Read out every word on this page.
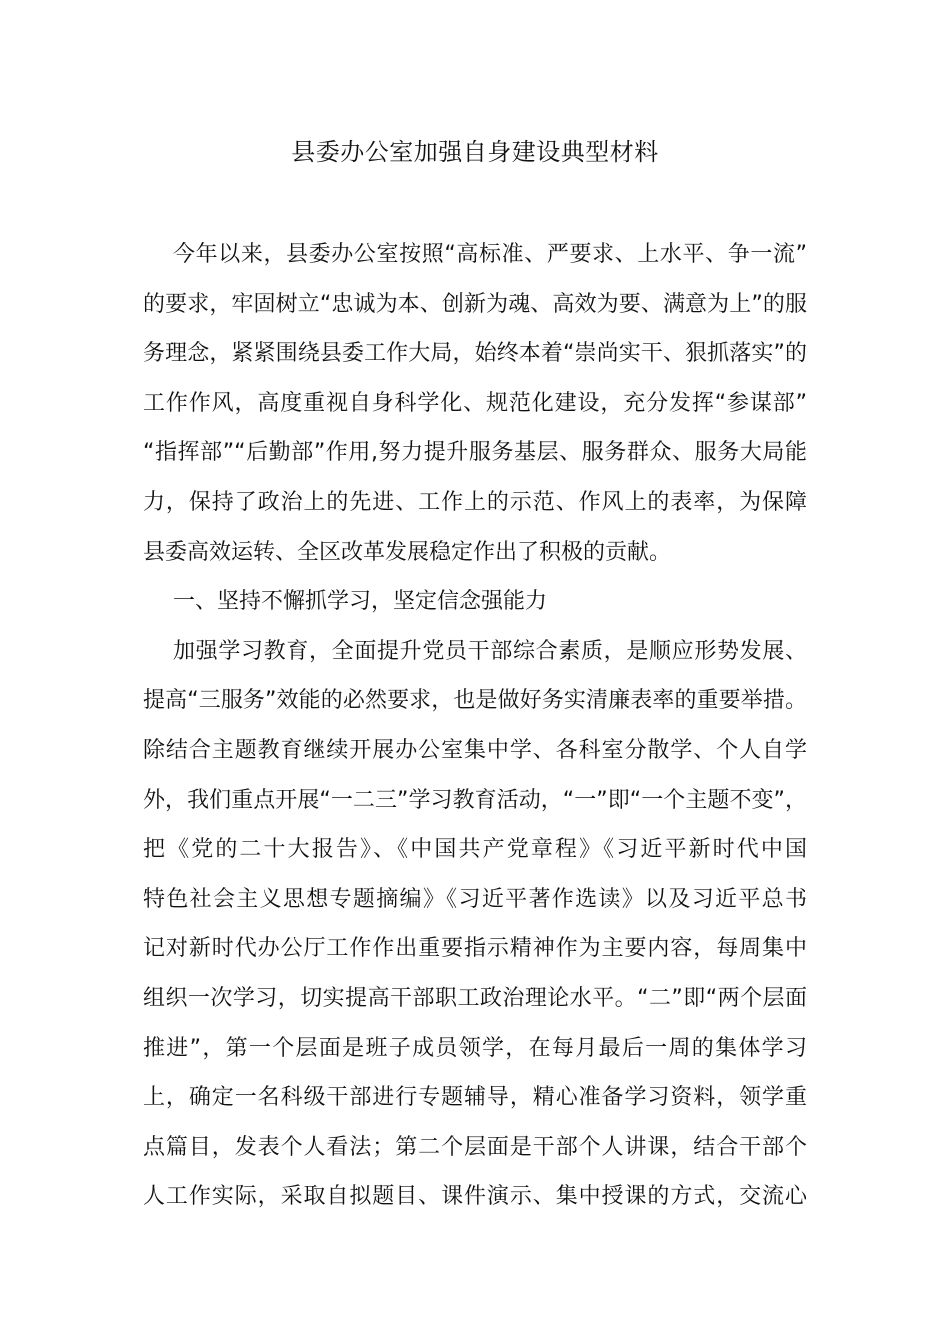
县委办公室加强自身建设典型材料
今年以来，县委办公室按照“高标准、严要求、上水平、争一流”
的要求，牢固树立“忠诚为本、创新为魂、高效为要、满意为上”的服
务理念，紧紧围绕县委工作大局，始终本着“崇尚实干、狠抓落实”的
工作作风，高度重视自身科学化、规范化建设，充分发挥“参谋部”
“指挥部”“后勤部”作用,努力提升服务基层、服务群众、服务大局能
力，保持了政治上的先进、工作上的示范、作风上的表率，为保障
县委高效运转、全区改革发展稳定作出了积极的贡献。
一、坚持不懈抓学习，坚定信念强能力
加强学习教育，全面提升党员干部综合素质，是顺应形势发展、
提高“三服务”效能的必然要求，也是做好务实清廉表率的重要举措。
除结合主题教育继续开展办公室集中学、各科室分散学、个人自学
外，我们重点开展“一二三”学习教育活动，“一”即“一个主题不变”，
把《党的二十大报告》、《中国共产党章程》《习近平新时代中国
特色社会主义思想专题摘编》《习近平著作选读》以及习近平总书
记对新时代办公厅工作作出重要指示精神作为主要内容，每周集中
组织一次学习，切实提高干部职工政治理论水平。“二”即“两个层面
推进”，第一个层面是班子成员领学，在每月最后一周的集体学习
上，确定一名科级干部进行专题辅导，精心准备学习资料，领学重
点篇目，发表个人看法；第二个层面是干部个人讲课，结合干部个
人工作实际，采取自拟题目、课件演示、集中授课的方式，交流心
